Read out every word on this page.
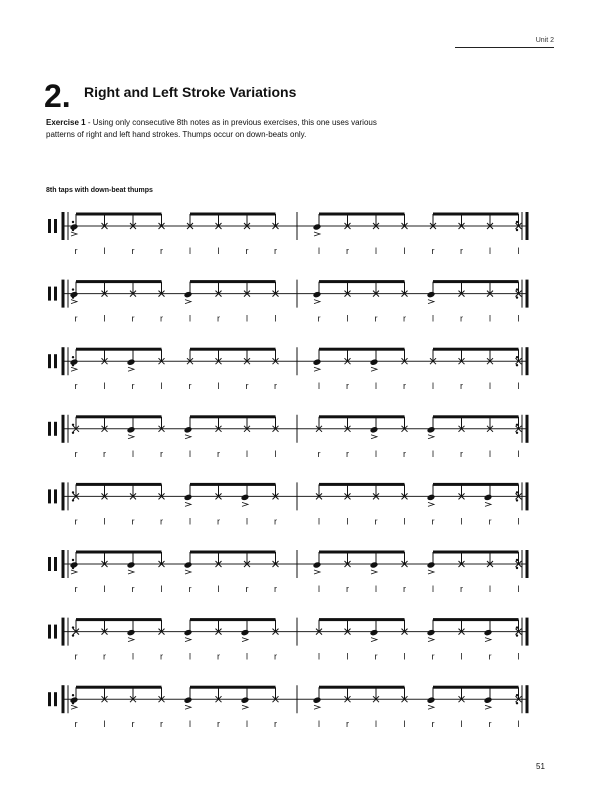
Unit 2
2. Right and Left Stroke Variations
Exercise 1 - Using only consecutive 8th notes as in previous exercises, this one uses various patterns of right and left hand strokes. Thumps occur on down-beats only.
8th taps with down-beat thumps
r	l	r	r	l	l	r	r	l	r	l	l	r	r	l	l
r	l	r	r	l	r	l	l	r	l	r	r	l	r	l	l
r	l	r	l	r	l	r	r	l	r	l	r	l	r	l	l
r	r	l	r	l	r	l	l	r	r	l	r	l	r	l	l
r	l	r	r	l	r	l	r	l	l	r	l	r	l	r	l
r	l	r	l	r	l	r	r	l	r	l	r	l	r	l	l
r	r	l	r	l	r	l	r	l	l	r	l	r	l	r	l
r	l	r	r	l	r	l	r	l	r	l	l	r	l	r	l
51
